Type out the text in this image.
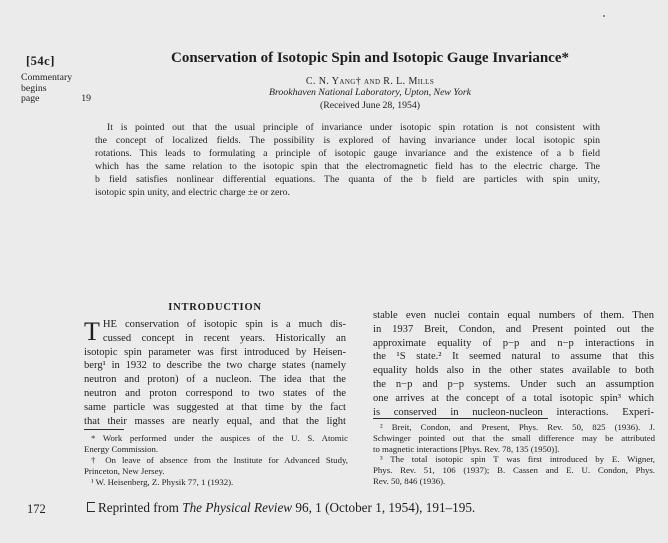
[54c]
Commentary
begins
page 19
Conservation of Isotopic Spin and Isotopic Gauge Invariance*
C. N. Yang† and R. L. Mills
Brookhaven National Laboratory, Upton, New York
(Received June 28, 1954)
It is pointed out that the usual principle of invariance under isotopic spin rotation is not consistent with
the concept of localized fields. The possibility is explored of having invariance under local isotopic spin
rotations. This leads to formulating a principle of isotopic gauge invariance and the existence of a b field
which has the same relation to the isotopic spin that the electromagnetic field has to the electric charge. The
b field satisfies nonlinear differential equations. The quanta of the b field are particles with spin unity,
isotopic spin unity, and electric charge ±e or zero.
INTRODUCTION
T HE conservation of isotopic spin is a much dis-
cussed concept in recent years. Historically an
isotopic spin parameter was first introduced by Heisen-
berg¹ in 1932 to describe the two charge states (namely
neutron and proton) of a nucleon. The idea that the
neutron and proton correspond to two states of the
same particle was suggested at that time by the fact
that their masses are nearly equal, and that the light
stable even nuclei contain equal numbers of them. Then
in 1937 Breit, Condon, and Present pointed out the
approximate equality of p−p and n−p interactions in
the ¹S state.² It seemed natural to assume that this
equality holds also in the other states available to both
the n−p and p−p systems. Under such an assumption
one arrives at the concept of a total isotopic spin³ which
is conserved in nucleon-nucleon interactions. Experi-
* Work performed under the auspices of the U. S. Atomic
Energy Commission.
† On leave of absence from the Institute for Advanced Study,
Princeton, New Jersey.
¹ W. Heisenberg, Z. Physik 77, 1 (1932).
² Breit, Condon, and Present, Phys. Rev. 50, 825 (1936). J.
Schwinger pointed out that the small difference may be attributed
to magnetic interactions [Phys. Rev. 78, 135 (1950)].
³ The total isotopic spin T was first introduced by E. Wigner,
Phys. Rev. 51, 106 (1937); B. Cassen and E. U. Condon, Phys.
Rev. 50, 846 (1936).
172	Reprinted from The Physical Review 96, 1 (October 1, 1954), 191–195.
